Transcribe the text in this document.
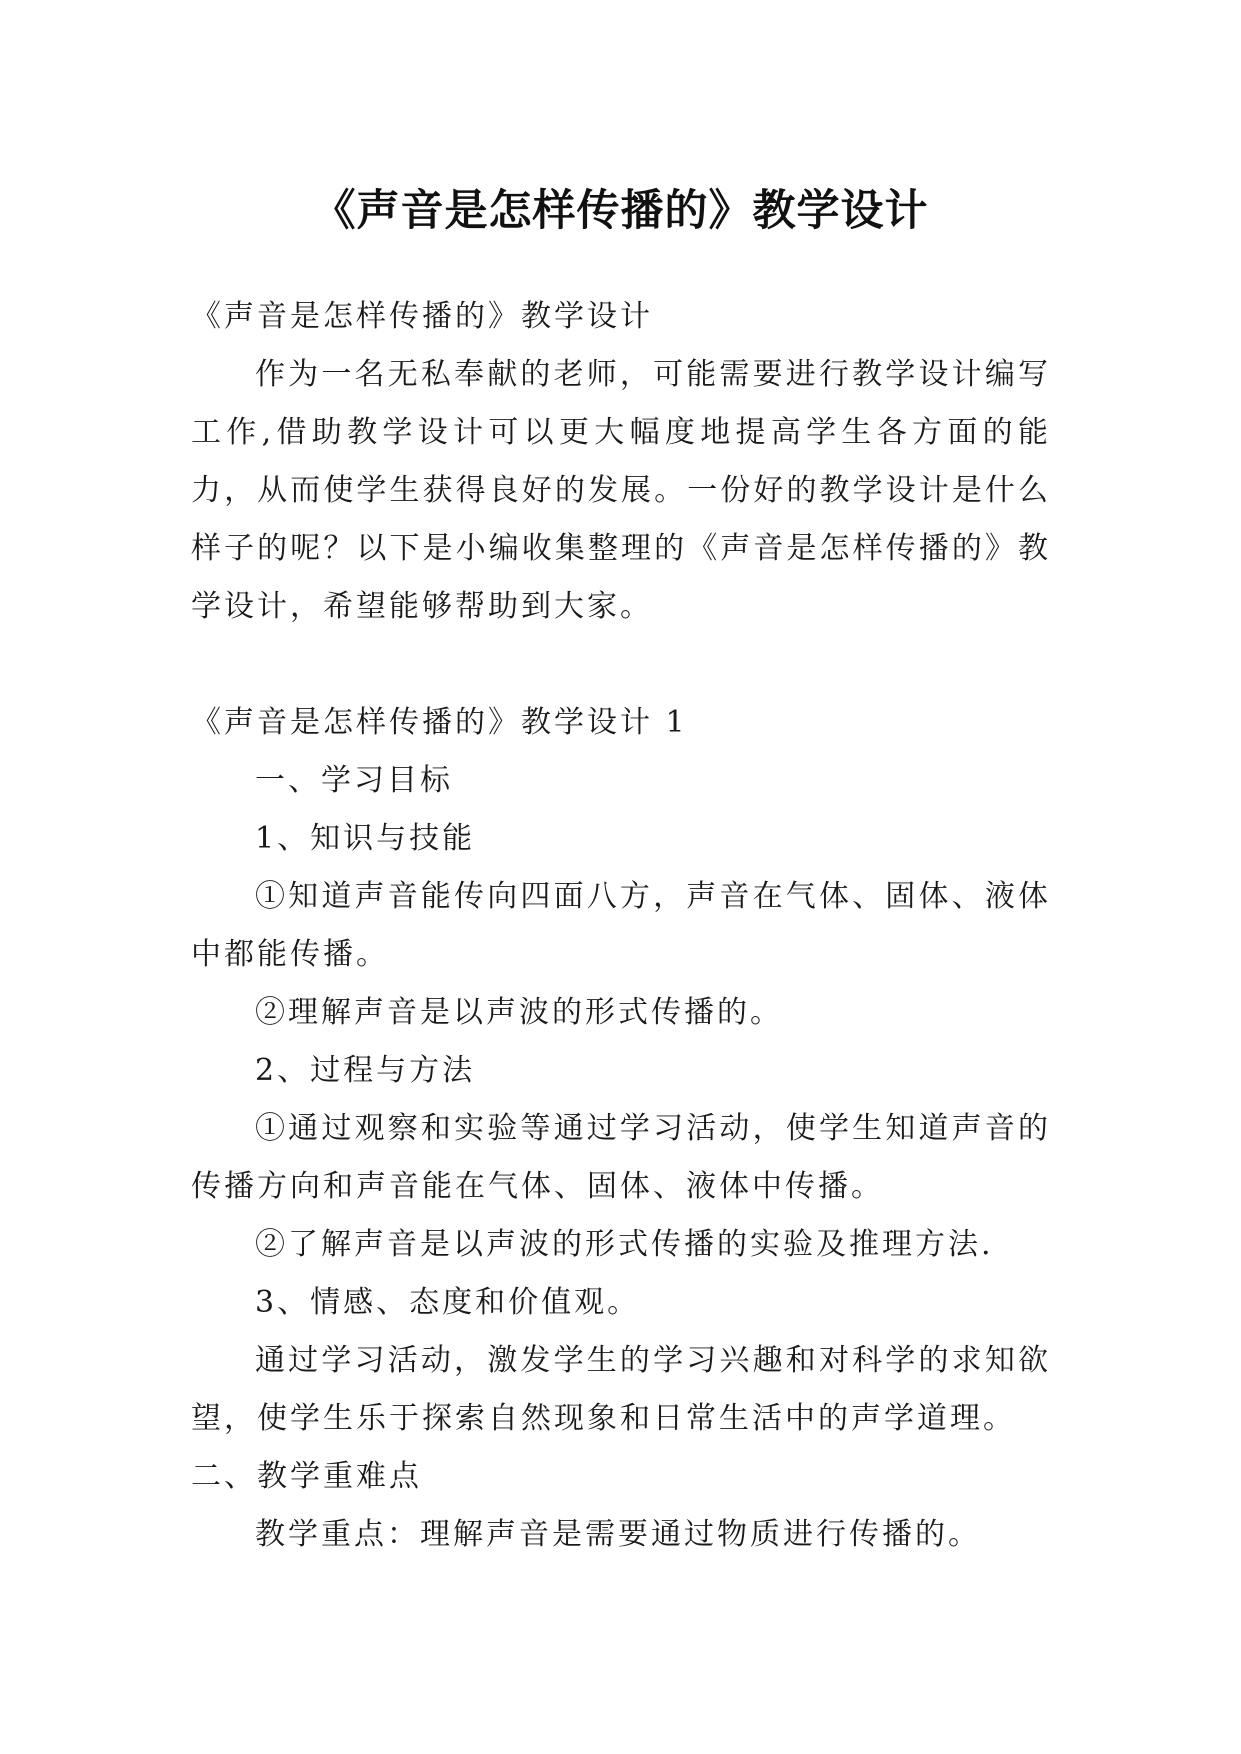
《声音是怎样传播的》教学设计

《声音是怎样传播的》教学设计

作为一名无私奉献的老师，可能需要进行教学设计编写工作,借助教学设计可以更大幅度地提高学生各方面的能力，从而使学生获得良好的发展。一份好的教学设计是什么样子的呢？以下是小编收集整理的《声音是怎样传播的》教学设计，希望能够帮助到大家。

《声音是怎样传播的》教学设计 1

一、学习目标

1、知识与技能

①知道声音能传向四面八方，声音在气体、固体、液体中都能传播。

②理解声音是以声波的形式传播的。

2、过程与方法

①通过观察和实验等通过学习活动，使学生知道声音的传播方向和声音能在气体、固体、液体中传播。

②了解声音是以声波的形式传播的实验及推理方法.

3、情感、态度和价值观。

通过学习活动，激发学生的学习兴趣和对科学的求知欲望，使学生乐于探索自然现象和日常生活中的声学道理。

二、教学重难点

教学重点：理解声音是需要通过物质进行传播的。
